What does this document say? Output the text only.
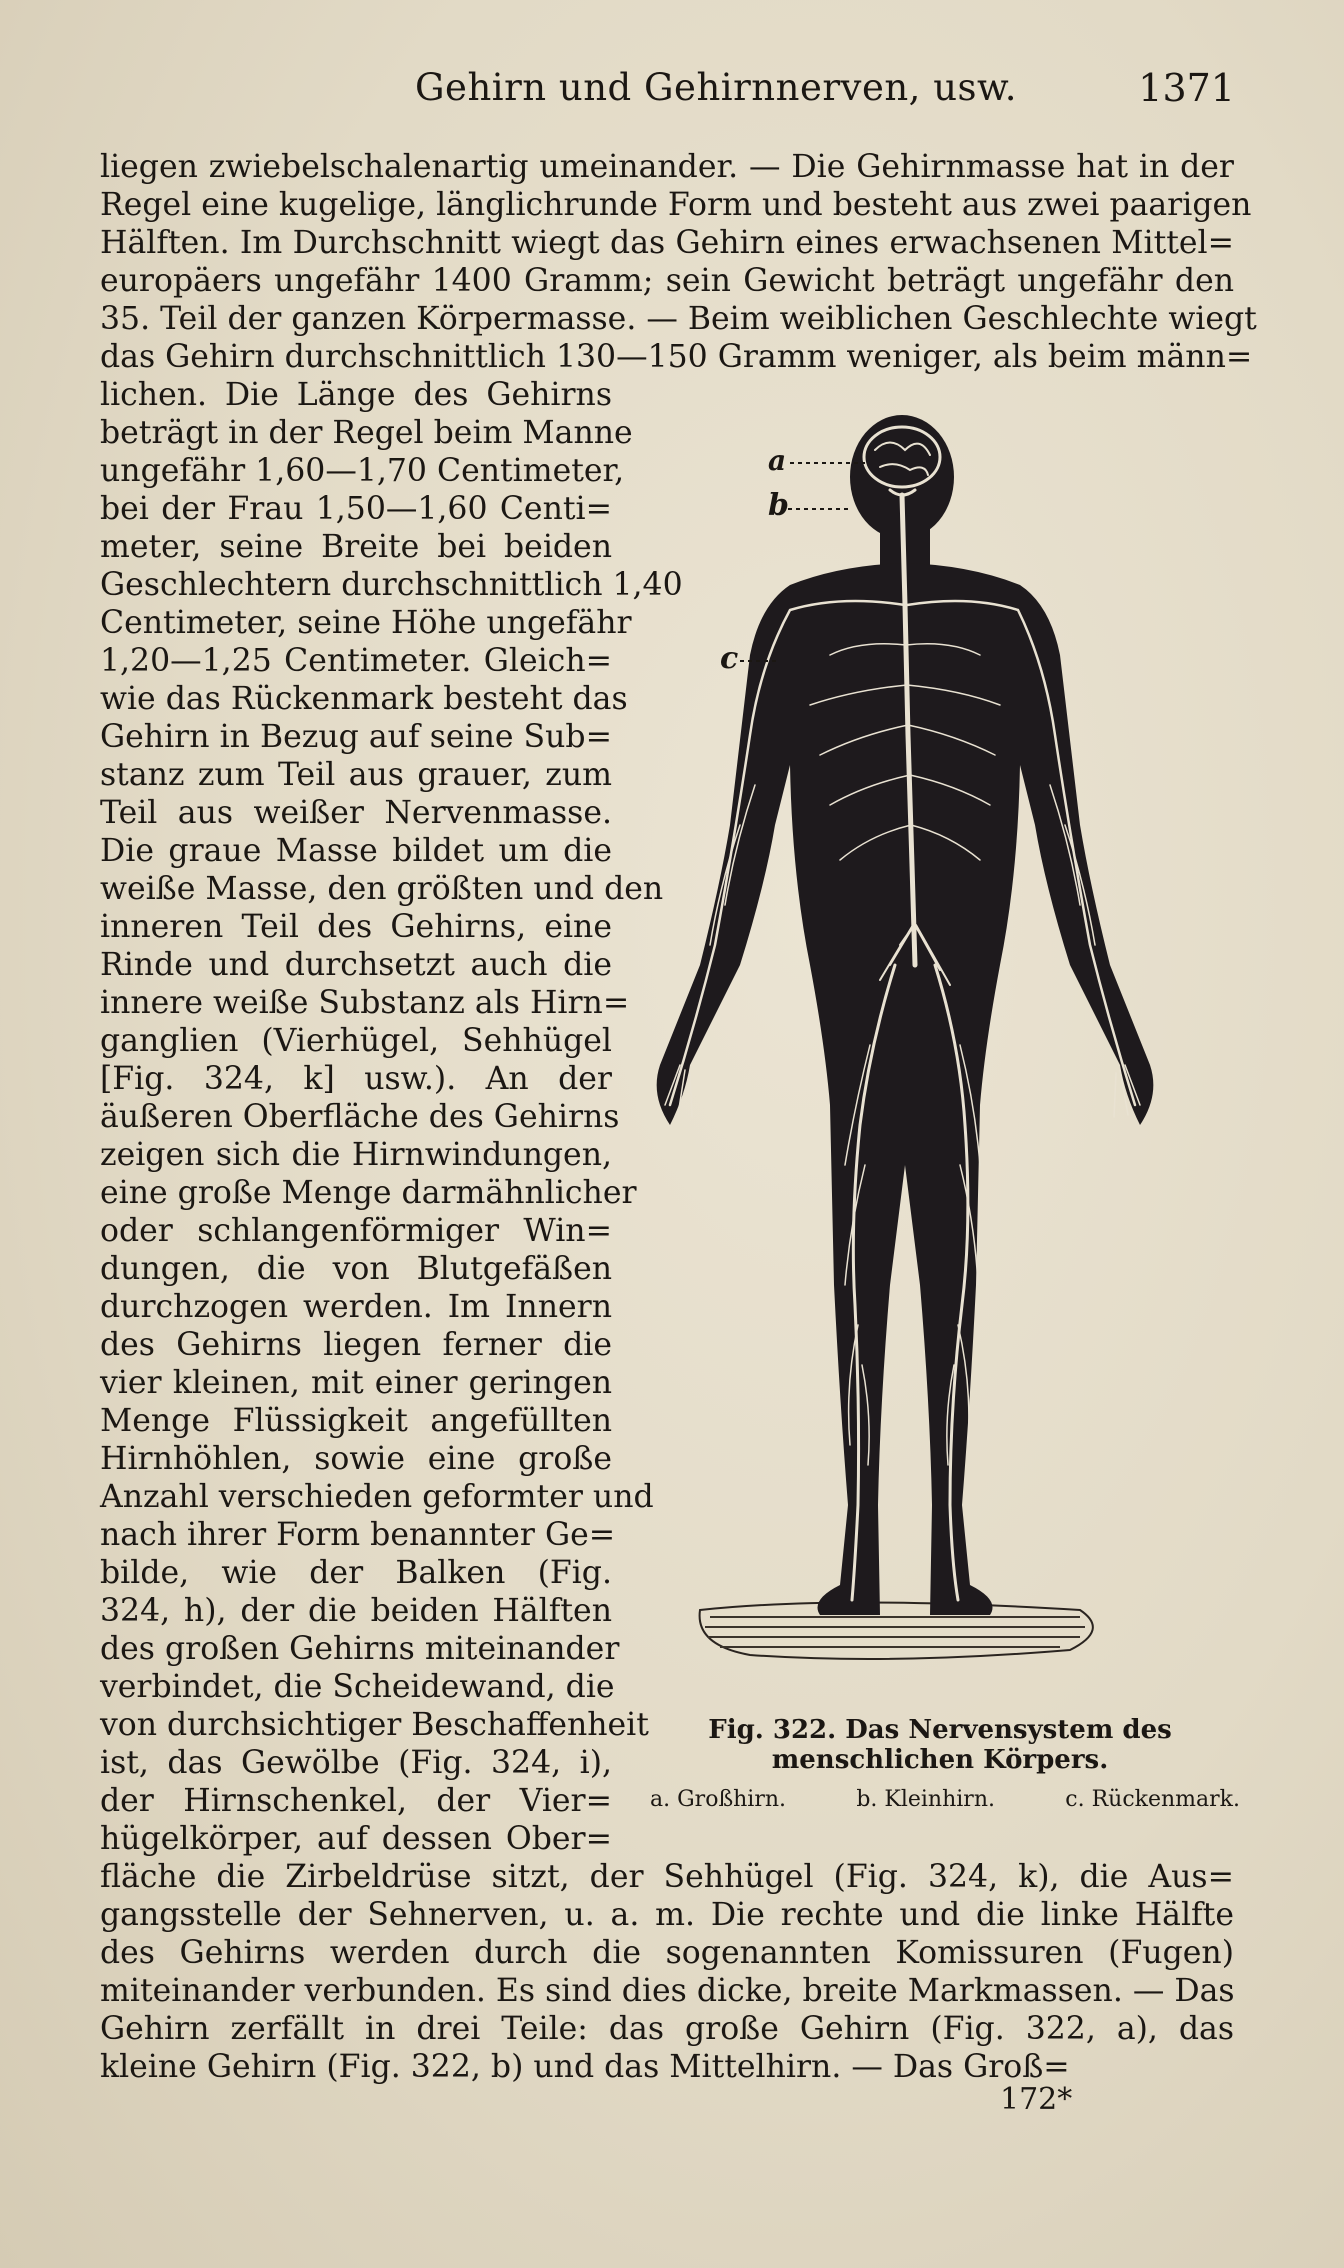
Gehirn und Gehirnnerven, usw.	1371
liegen zwiebelschalenartig umeinander. — Die Gehirnmasse hat in der
Regel eine kugelige, länglichrunde Form und besteht aus zwei paarigen
Hälften. Im Durchschnitt wiegt das Gehirn eines erwachsenen Mittel=
europäers ungefähr 1400 Gramm; sein Gewicht beträgt ungefähr den
35. Teil der ganzen Körpermasse. — Beim weiblichen Geschlechte wiegt
das Gehirn durchschnittlich 130—150 Gramm weniger, als beim männ=
lichen. Die Länge des Gehirns
beträgt in der Regel beim Manne
ungefähr 1,60—1,70 Centimeter,
bei der Frau 1,50—1,60 Centi=
meter, seine Breite bei beiden
Geschlechtern durchschnittlich 1,40
Centimeter, seine Höhe ungefähr
1,20—1,25 Centimeter. Gleich=
wie das Rückenmark besteht das
Gehirn in Bezug auf seine Sub=
stanz zum Teil aus grauer, zum
Teil aus weißer Nervenmasse.
Die graue Masse bildet um die
weiße Masse, den größten und den
inneren Teil des Gehirns, eine
Rinde und durchsetzt auch die
innere weiße Substanz als Hirn=
ganglien (Vierhügel, Sehhügel
[Fig. 324, k] usw.). An der
äußeren Oberfläche des Gehirns
zeigen sich die Hirnwindungen,
eine große Menge darmähnlicher
oder schlangenförmiger Win=
dungen, die von Blutgefäßen
durchzogen werden. Im Innern
des Gehirns liegen ferner die
vier kleinen, mit einer geringen
Menge Flüssigkeit angefüllten
Hirnhöhlen, sowie eine große
Anzahl verschieden geformter und
nach ihrer Form benannter Ge=
bilde, wie der Balken (Fig.
324, h), der die beiden Hälften
des großen Gehirns miteinander
verbindet, die Scheidewand, die
von durchsichtiger Beschaffenheit
ist, das Gewölbe (Fig. 324, i),
der Hirnschenkel, der Vier=
hügelkörper, auf dessen Ober=
fläche die Zirbeldrüse sitzt, der Sehhügel (Fig. 324, k), die Aus=
gangsstelle der Sehnerven, u. a. m. Die rechte und die linke Hälfte
des Gehirns werden durch die sogenannten Komissuren (Fugen)
miteinander verbunden. Es sind dies dicke, breite Markmassen. — Das
Gehirn zerfällt in drei Teile: das große Gehirn (Fig. 322, a), das
kleine Gehirn (Fig. 322, b) und das Mittelhirn. — Das Groß=
a
b
c
Fig. 322. Das Nervensystem des
menschlichen Körpers.
a. Großhirn.	b. Kleinhirn.	c. Rückenmark.
172*
